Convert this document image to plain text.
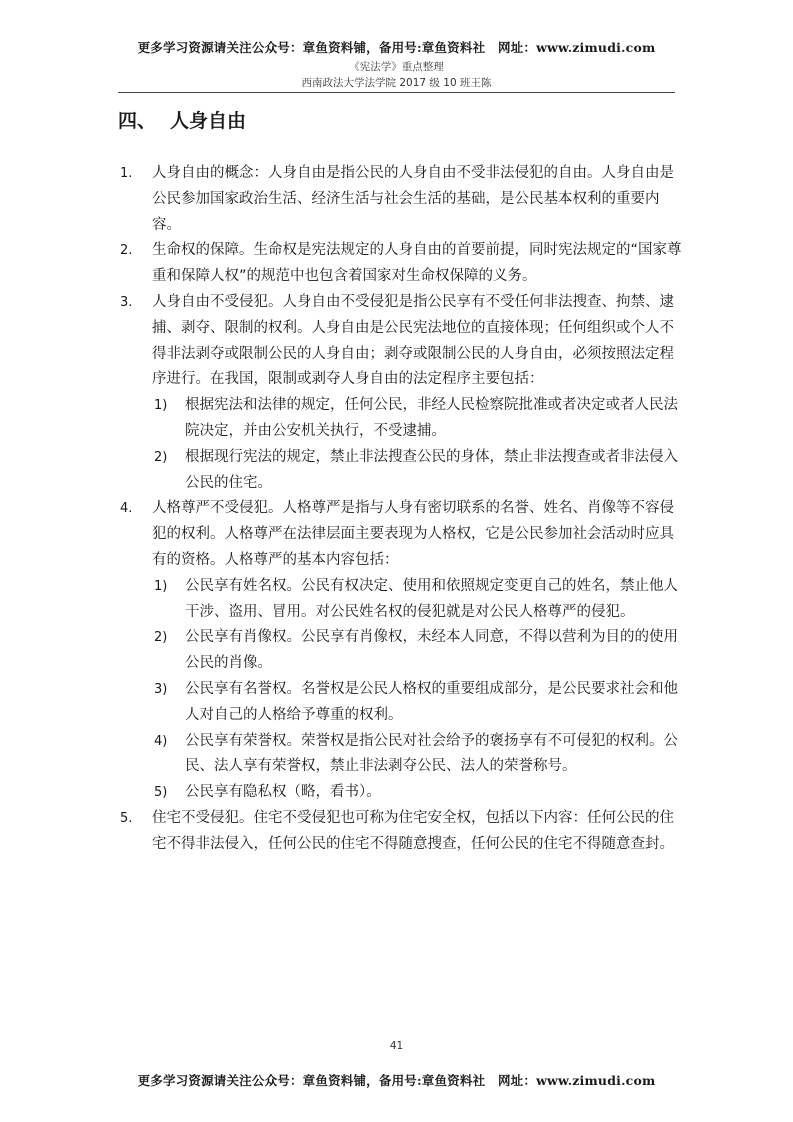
更多学习资源请关注公众号：章鱼资料铺，备用号:章鱼资料社　网址：www.zimudi.com
《宪法学》重点整理
西南政法大学法学院 2017 级 10 班王陈
四、 人身自由
1. 人身自由的概念：人身自由是指公民的人身自由不受非法侵犯的自由。人身自由是公民参加国家政治生活、经济生活与社会生活的基础，是公民基本权利的重要内容。
2. 生命权的保障。生命权是宪法规定的人身自由的首要前提，同时宪法规定的“国家尊重和保障人权”的规范中也包含着国家对生命权保障的义务。
3. 人身自由不受侵犯。人身自由不受侵犯是指公民享有不受任何非法搜查、拘禁、逮捕、剥夺、限制的权利。人身自由是公民宪法地位的直接体现；任何组织或个人不得非法剥夺或限制公民的人身自由；剥夺或限制公民的人身自由，必须按照法定程序进行。在我国，限制或剥夺人身自由的法定程序主要包括：
1) 根据宪法和法律的规定，任何公民，非经人民检察院批准或者决定或者人民法院决定，并由公安机关执行，不受逮捕。
2) 根据现行宪法的规定，禁止非法搜查公民的身体，禁止非法搜查或者非法侵入公民的住宅。
4. 人格尊严不受侵犯。人格尊严是指与人身有密切联系的名誉、姓名、肖像等不容侵犯的权利。人格尊严在法律层面主要表现为人格权，它是公民参加社会活动时应具有的资格。人格尊严的基本内容包括：
1) 公民享有姓名权。公民有权决定、使用和依照规定变更自己的姓名，禁止他人干涉、盗用、冒用。对公民姓名权的侵犯就是对公民人格尊严的侵犯。
2) 公民享有肖像权。公民享有肖像权，未经本人同意，不得以营利为目的的使用公民的肖像。
3) 公民享有名誉权。名誉权是公民人格权的重要组成部分，是公民要求社会和他人对自己的人格给予尊重的权利。
4) 公民享有荣誉权。荣誉权是指公民对社会给予的褒扬享有不可侵犯的权利。公民、法人享有荣誉权，禁止非法剥夺公民、法人的荣誉称号。
5) 公民享有隐私权（略，看书）。
5. 住宅不受侵犯。住宅不受侵犯也可称为住宅安全权，包括以下内容：任何公民的住宅不得非法侵入，任何公民的住宅不得随意搜查，任何公民的住宅不得随意查封。
41
更多学习资源请关注公众号：章鱼资料铺，备用号:章鱼资料社　网址：www.zimudi.com
